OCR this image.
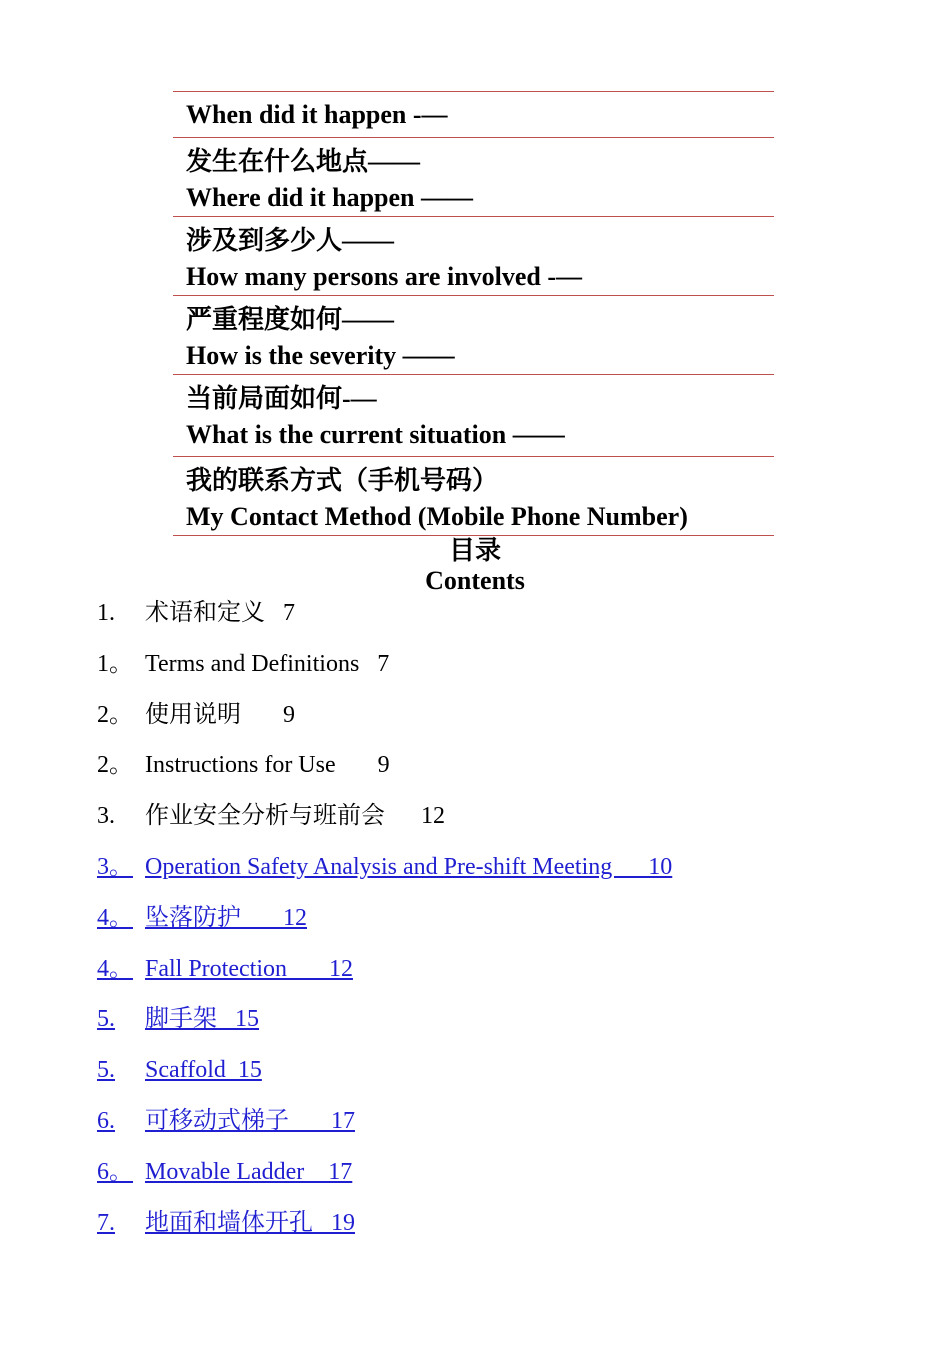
When did it happen -—
发生在什么地点——
Where did it happen ——
涉及到多少人——
How many persons are involved -—
严重程度如何——
How is the severity ——
当前局面如何-—
What is the current situation ——
我的联系方式（手机号码）
My Contact Method (Mobile Phone Number)
目录
Contents
1.	术语和定义   7
1。 Terms and Definitions   7
2。 使用说明       9
2。 Instructions for Use       9
3.	作业安全分析与班前会      12
3。 Operation Safety Analysis and Pre-shift Meeting      10
4。 坠落防护       12
4。 Fall Protection       12
5.	脚手架   15
5.	Scaffold  15
6.	可移动式梯子       17
6。 Movable Ladder    17
7.	地面和墙体开孔   19
